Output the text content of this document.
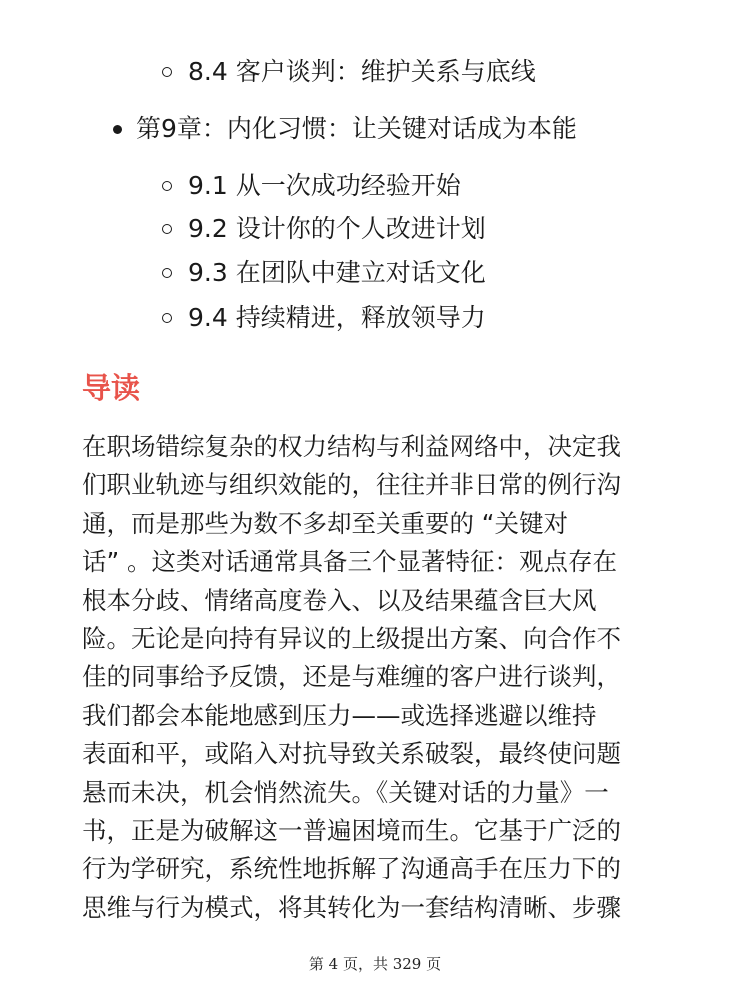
8.4 客户谈判：维护关系与底线
第9章：内化习惯：让关键对话成为本能
9.1 从一次成功经验开始
9.2 设计你的个人改进计划
9.3 在团队中建立对话文化
9.4 持续精进，释放领导力
导读
在职场错综复杂的权力结构与利益网络中，决定我
们职业轨迹与组织效能的，往往并非日常的例行沟
通，而是那些为数不多却至关重要的 “关键对
话” 。这类对话通常具备三个显著特征：观点存在
根本分歧、情绪高度卷入、以及结果蕴含巨大风
险。无论是向持有异议的上级提出方案、向合作不
佳的同事给予反馈，还是与难缠的客户进行谈判，
我们都会本能地感到压力——或选择逃避以维持
表面和平，或陷入对抗导致关系破裂，最终使问题
悬而未决，机会悄然流失。《关键对话的力量》一
书，正是为破解这一普遍困境而生。它基于广泛的
行为学研究，系统性地拆解了沟通高手在压力下的
思维与行为模式，将其转化为一套结构清晰、步骤
第 4 页，共 329 页
